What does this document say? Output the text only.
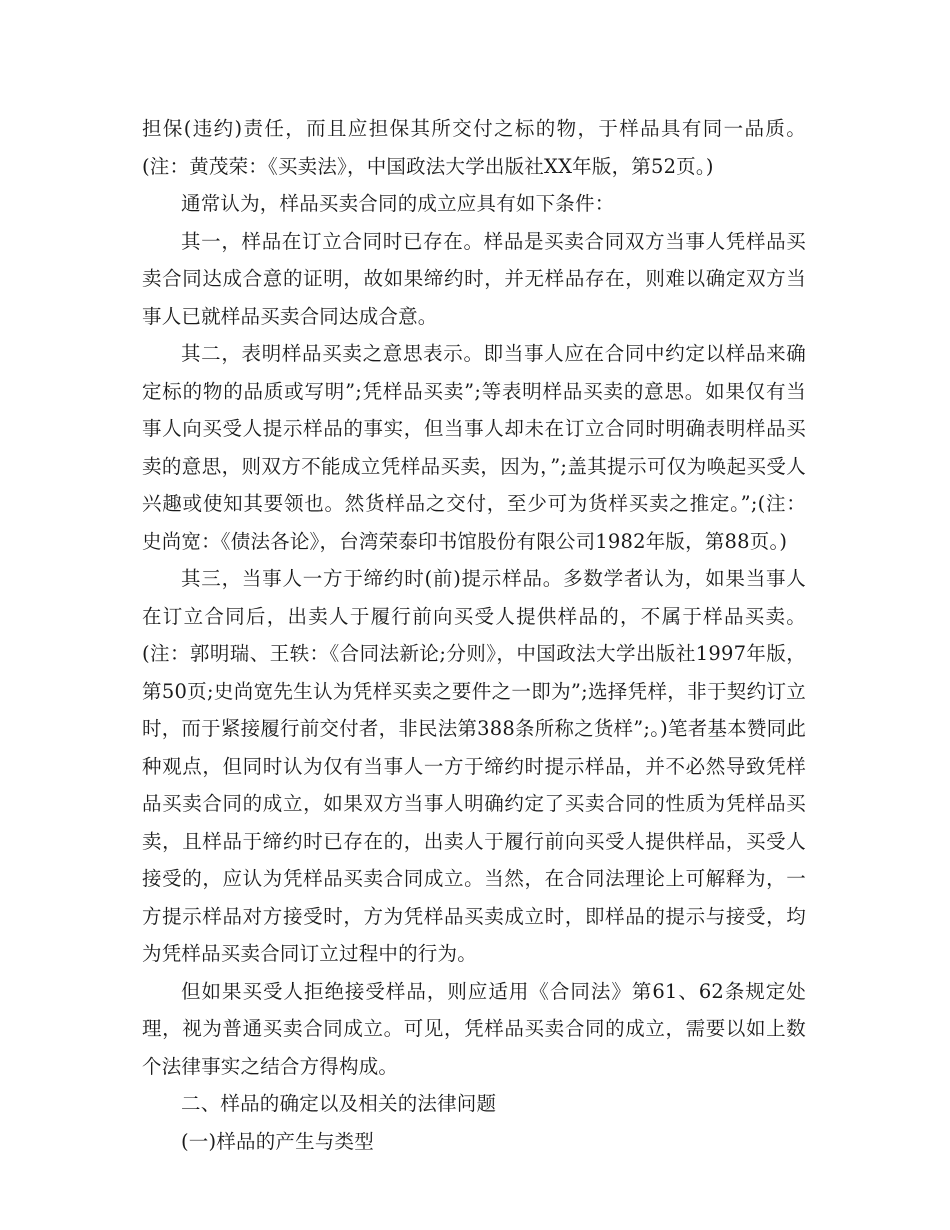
担保(违约)责任，而且应担保其所交付之标的物，于样品具有同一品质。(注：黄茂荣：《买卖法》，中国政法大学出版社XX年版，第52页。)

通常认为，样品买卖合同的成立应具有如下条件：

其一，样品在订立合同时已存在。样品是买卖合同双方当事人凭样品买卖合同达成合意的证明，故如果缔约时，并无样品存在，则难以确定双方当事人已就样品买卖合同达成合意。

其二，表明样品买卖之意思表示。即当事人应在合同中约定以样品来确定标的物的品质或写明”;凭样品买卖”;等表明样品买卖的意思。如果仅有当事人向买受人提示样品的事实，但当事人却未在订立合同时明确表明样品买卖的意思，则双方不能成立凭样品买卖，因为，”;盖其提示可仅为唤起买受人兴趣或使知其要领也。然货样品之交付，至少可为货样买卖之推定。”;(注：史尚宽：《债法各论》，台湾荣泰印书馆股份有限公司1982年版，第88页。)

其三，当事人一方于缔约时(前)提示样品。多数学者认为，如果当事人在订立合同后，出卖人于履行前向买受人提供样品的，不属于样品买卖。(注：郭明瑞、王轶：《合同法新论;分则》，中国政法大学出版社1997年版，第50页;史尚宽先生认为凭样买卖之要件之一即为”;选择凭样，非于契约订立时，而于紧接履行前交付者，非民法第388条所称之货样”;。)笔者基本赞同此种观点，但同时认为仅有当事人一方于缔约时提示样品，并不必然导致凭样品买卖合同的成立，如果双方当事人明确约定了买卖合同的性质为凭样品买卖，且样品于缔约时已存在的，出卖人于履行前向买受人提供样品，买受人接受的，应认为凭样品买卖合同成立。当然，在合同法理论上可解释为，一方提示样品对方接受时，方为凭样品买卖成立时，即样品的提示与接受，均为凭样品买卖合同订立过程中的行为。

但如果买受人拒绝接受样品，则应适用《合同法》第61、62条规定处理，视为普通买卖合同成立。可见，凭样品买卖合同的成立，需要以如上数个法律事实之结合方得构成。

二、样品的确定以及相关的法律问题

(一)样品的产生与类型
